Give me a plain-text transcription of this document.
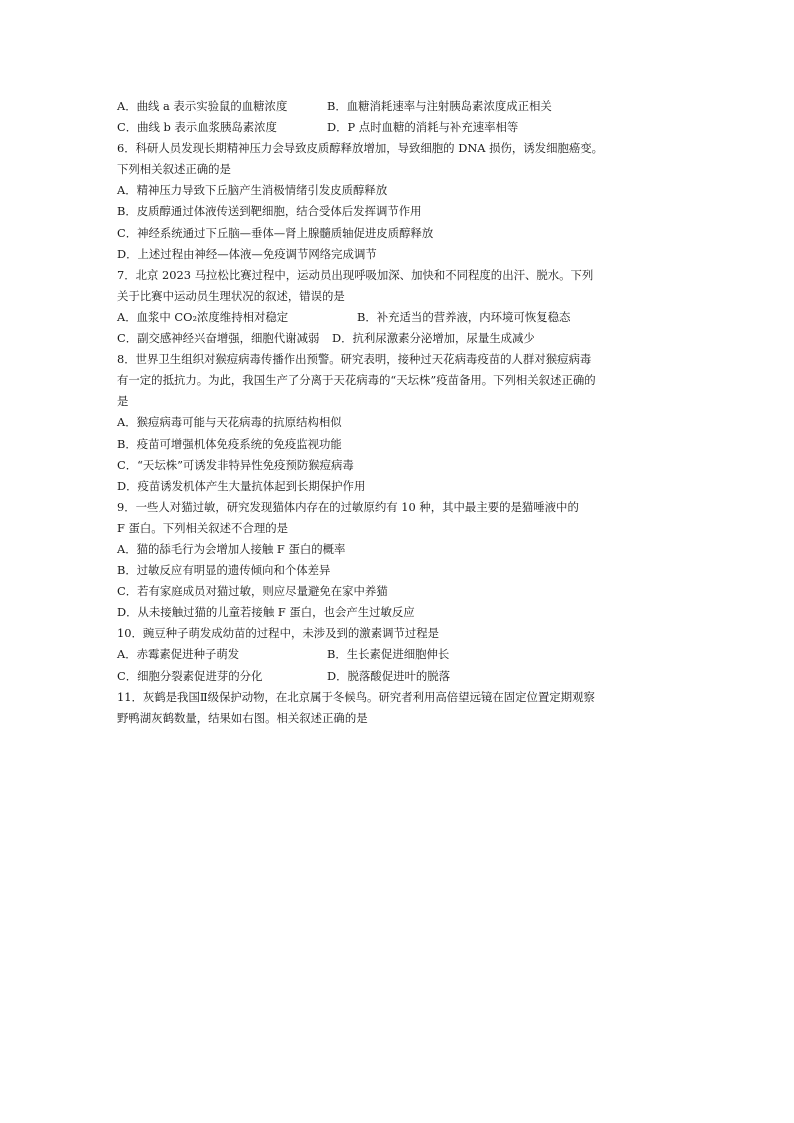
A．曲线 a 表示实验鼠的血糖浓度	B．血糖消耗速率与注射胰岛素浓度成正相关
C．曲线 b 表示血浆胰岛素浓度	D．P 点时血糖的消耗与补充速率相等
6．科研人员发现长期精神压力会导致皮质醇释放增加，导致细胞的 DNA 损伤，诱发细胞癌变。
下列相关叙述正确的是
A．精神压力导致下丘脑产生消极情绪引发皮质醇释放
B．皮质醇通过体液传送到靶细胞，结合受体后发挥调节作用
C．神经系统通过下丘脑—垂体—肾上腺髓质轴促进皮质醇释放
D．上述过程由神经—体液—免疫调节网络完成调节
7．北京 2023 马拉松比赛过程中，运动员出现呼吸加深、加快和不同程度的出汗、脱水。下列
关于比赛中运动员生理状况的叙述，错误的是
A．血浆中 CO₂浓度维持相对稳定	B．补充适当的营养液，内环境可恢复稳态
C．副交感神经兴奋增强，细胞代谢减弱	D．抗利尿激素分泌增加，尿量生成减少
8．世界卫生组织对猴痘病毒传播作出预警。研究表明，接种过天花病毒疫苗的人群对猴痘病毒
有一定的抵抗力。为此，我国生产了分离于天花病毒的“天坛株”疫苗备用。下列相关叙述正确的
是
A．猴痘病毒可能与天花病毒的抗原结构相似
B．疫苗可增强机体免疫系统的免疫监视功能
C．“天坛株”可诱发非特异性免疫预防猴痘病毒
D．疫苗诱发机体产生大量抗体起到长期保护作用
9．一些人对猫过敏，研究发现猫体内存在的过敏原约有 10 种，其中最主要的是猫唾液中的
F 蛋白。下列相关叙述不合理的是
A．猫的舔毛行为会增加人接触 F 蛋白的概率
B．过敏反应有明显的遗传倾向和个体差异
C．若有家庭成员对猫过敏，则应尽量避免在家中养猫
D．从未接触过猫的儿童若接触 F 蛋白，也会产生过敏反应
10．豌豆种子萌发成幼苗的过程中，未涉及到的激素调节过程是
A．赤霉素促进种子萌发	B．生长素促进细胞伸长
C．细胞分裂素促进芽的分化	D．脱落酸促进叶的脱落
11．灰鹤是我国Ⅱ级保护动物，在北京属于冬候鸟。研究者利用高倍望远镜在固定位置定期观察
野鸭湖灰鹤数量，结果如右图。相关叙述正确的是
